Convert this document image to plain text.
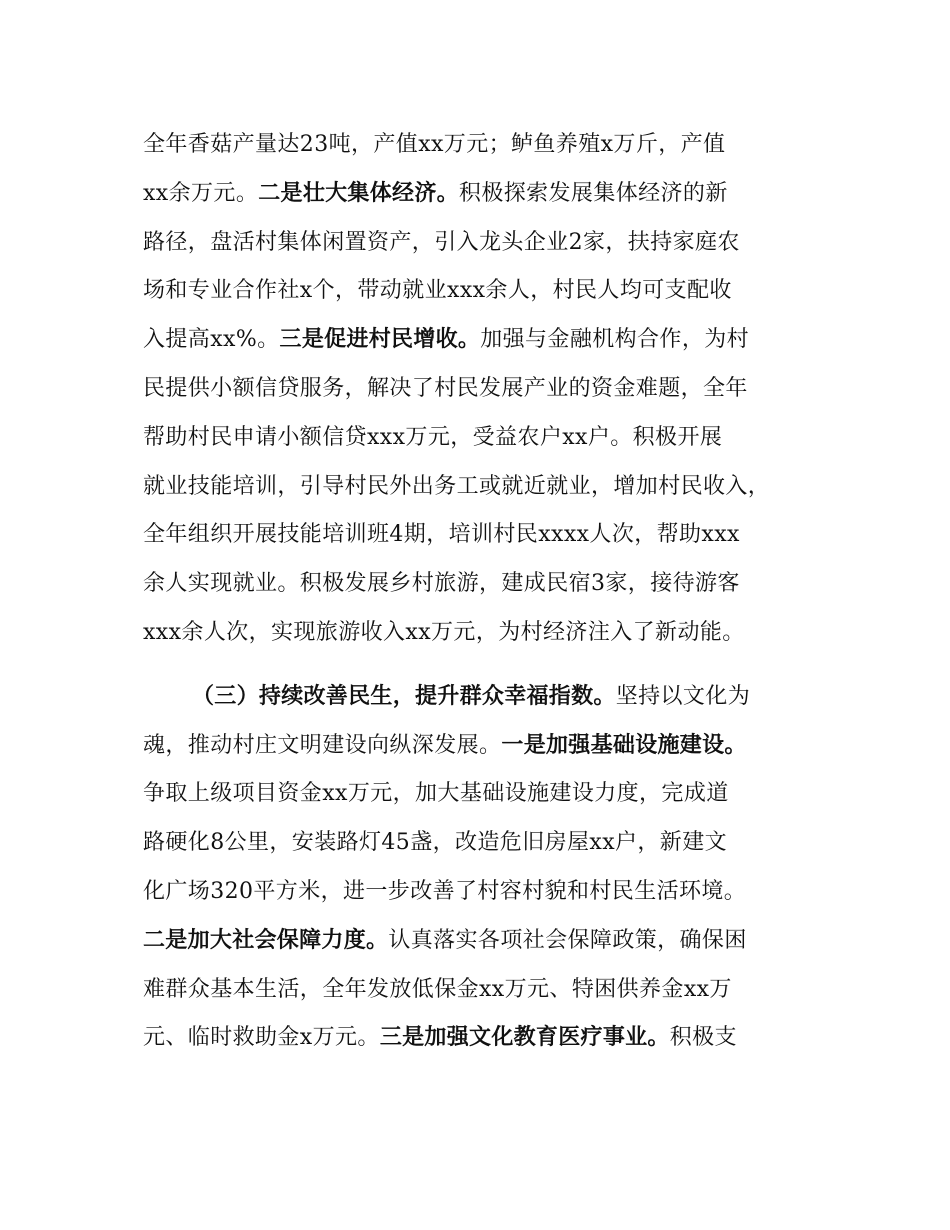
全年香菇产量达23吨，产值xx万元；鲈鱼养殖x万斤，产值
xx余万元。二是壮大集体经济。积极探索发展集体经济的新
路径，盘活村集体闲置资产，引入龙头企业2家，扶持家庭农
场和专业合作社x个，带动就业xxx余人，村民人均可支配收
入提高xx%。三是促进村民增收。加强与金融机构合作，为村
民提供小额信贷服务，解决了村民发展产业的资金难题，全年
帮助村民申请小额信贷xxx万元，受益农户xx户。积极开展
就业技能培训，引导村民外出务工或就近就业，增加村民收入，
全年组织开展技能培训班4期，培训村民xxxx人次，帮助xxx
余人实现就业。积极发展乡村旅游，建成民宿3家，接待游客
xxx余人次，实现旅游收入xx万元，为村经济注入了新动能。
（三）持续改善民生，提升群众幸福指数。坚持以文化为
魂，推动村庄文明建设向纵深发展。一是加强基础设施建设。
争取上级项目资金xx万元，加大基础设施建设力度，完成道
路硬化8公里，安装路灯45盏，改造危旧房屋xx户，新建文
化广场320平方米，进一步改善了村容村貌和村民生活环境。
二是加大社会保障力度。认真落实各项社会保障政策，确保困
难群众基本生活，全年发放低保金xx万元、特困供养金xx万
元、临时救助金x万元。三是加强文化教育医疗事业。积极支
